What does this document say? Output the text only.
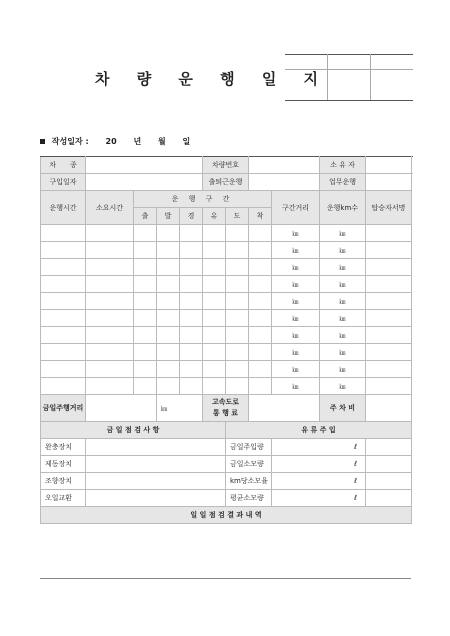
차 량 운 행 일 지

작성일자 : 20 년 월 일
차　　종					차량번호				소 유 자	
구입일자					출퇴근운행				업무운행	
운행시간	소요시간	운 행 구 간						구간거리	운행km수	탑승자서명
		출	발	경	유	도	착			
								㎞	㎞	
								㎞	㎞	
								㎞	㎞	
								㎞	㎞	
								㎞	㎞	
								㎞	㎞	
								㎞	㎞	
								㎞	㎞	
								㎞	㎞	
								㎞	㎞	
금일주행거리			㎞		고속도로
통 행 료				주 차 비	
금 일 점 검 사 항						유 류 주 입				
완충장치						금일주입량		ℓ		
제동장치						금일소모량		ℓ		
조향장치						km당소모율		ℓ		
오일교환						평균소모량		ℓ		
일 일 점 검 결 과 내 역										
